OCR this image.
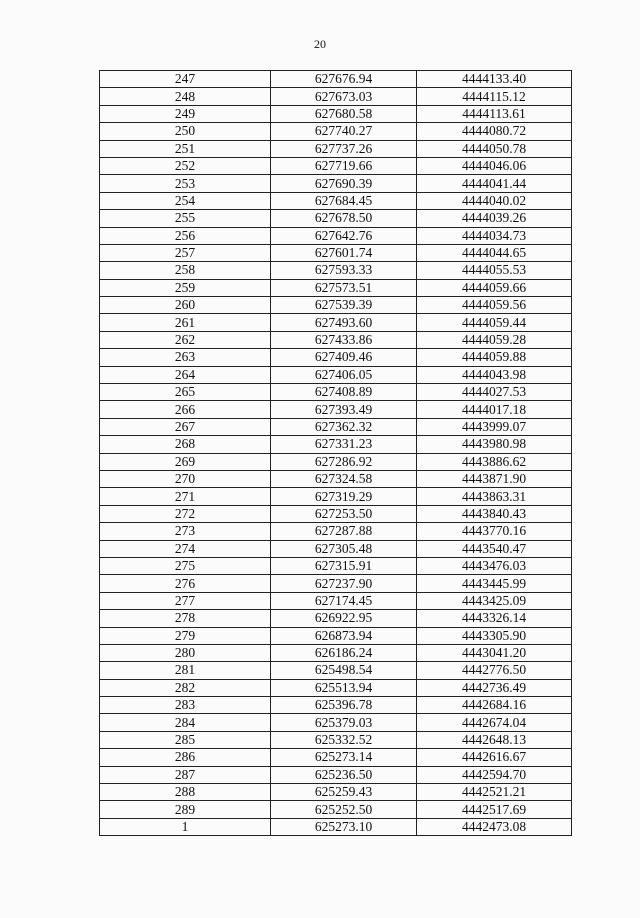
20
247	627676.94	4444133.40
248	627673.03	4444115.12
249	627680.58	4444113.61
250	627740.27	4444080.72
251	627737.26	4444050.78
252	627719.66	4444046.06
253	627690.39	4444041.44
254	627684.45	4444040.02
255	627678.50	4444039.26
256	627642.76	4444034.73
257	627601.74	4444044.65
258	627593.33	4444055.53
259	627573.51	4444059.66
260	627539.39	4444059.56
261	627493.60	4444059.44
262	627433.86	4444059.28
263	627409.46	4444059.88
264	627406.05	4444043.98
265	627408.89	4444027.53
266	627393.49	4444017.18
267	627362.32	4443999.07
268	627331.23	4443980.98
269	627286.92	4443886.62
270	627324.58	4443871.90
271	627319.29	4443863.31
272	627253.50	4443840.43
273	627287.88	4443770.16
274	627305.48	4443540.47
275	627315.91	4443476.03
276	627237.90	4443445.99
277	627174.45	4443425.09
278	626922.95	4443326.14
279	626873.94	4443305.90
280	626186.24	4443041.20
281	625498.54	4442776.50
282	625513.94	4442736.49
283	625396.78	4442684.16
284	625379.03	4442674.04
285	625332.52	4442648.13
286	625273.14	4442616.67
287	625236.50	4442594.70
288	625259.43	4442521.21
289	625252.50	4442517.69
1	625273.10	4442473.08
